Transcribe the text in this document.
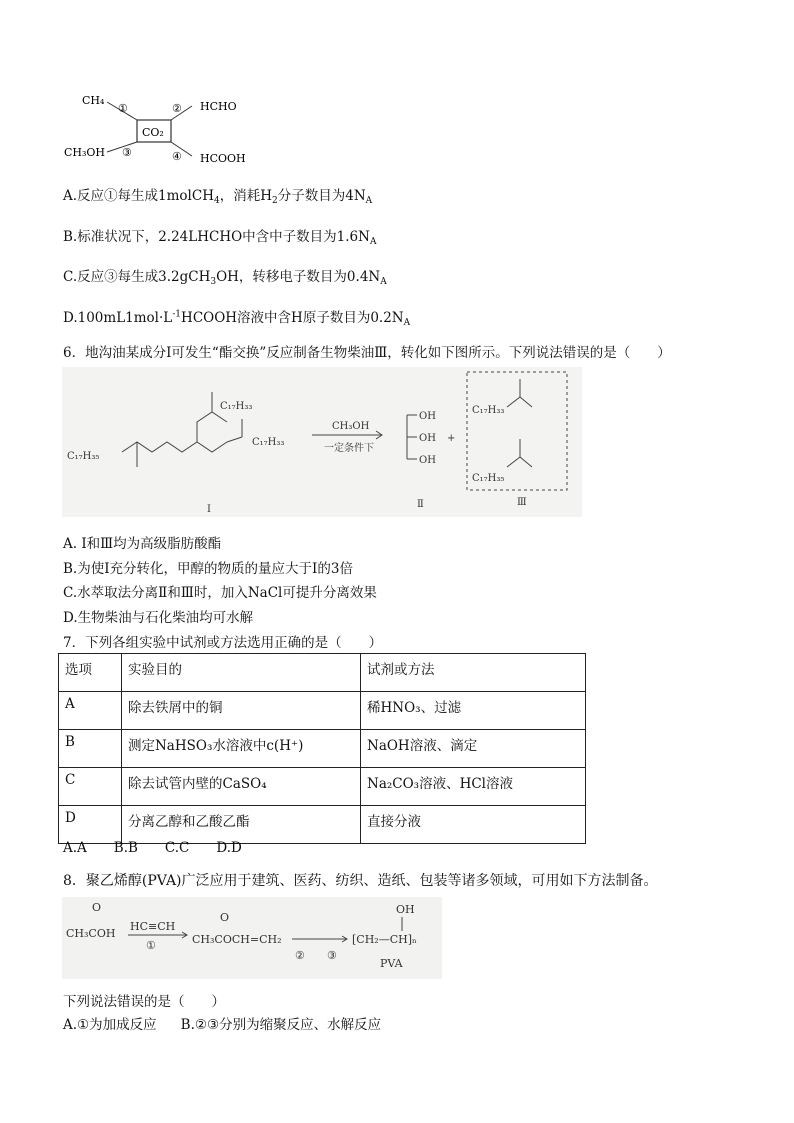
CO₂
CH₄
①	② HCHO
CH₃OH ③	④ HCOOH
A.反应①每生成1molCH$_4$，消耗$H_2$分子数目为$4N_A$
B.标准状况下，2.24LHCHO中含中子数目为$1.6N_A$
C.反应③每生成3.2gCH$_3$OH，转移电子数目为$0.4N_A$
$D.100mL1mol\cdot L^{-1}HCOOH$溶液中含H原子数目为$0.2N_A$
6．地沟油某成分Ⅰ可发生“酯交换”反应制备生物柴油Ⅲ，转化如下图所示。下列说法错误的是（　　）
C₁₇H₃₅
C₁₇H₃₃
C₁₇H₃₃
CH₃OH
一定条件下
OH
OH
OH
+
C₁₇H₃₃
C₁₇H₃₅
Ⅰ	Ⅱ	Ⅲ
A. Ⅰ和Ⅲ均为高级脂肪酸酯
B.为使Ⅰ充分转化，甲醇的物质的量应大于Ⅰ的3倍
C.水萃取法分离Ⅱ和Ⅲ时，加入NaCl可提升分离效果
D.生物柴油与石化柴油均可水解
7．下列各组实验中试剂或方法选用正确的是（　　）
选项	实验目的	试剂或方法
A	除去铁屑中的铜	稀HNO₃、过滤
B	测定NaHSO₃水溶液中c(H⁺)	NaOH溶液、滴定
C	除去试管内壁的CaSO₄	Na₂CO₃溶液、HCl溶液
D	分离乙醇和乙酸乙酯	直接分液
A.A　　B.B　　C.C　　D.D
8．聚乙烯醇(PVA)广泛应用于建筑、医药、纺织、造纸、包装等诸多领域，可用如下方法制备。
O
CH₃COH
HC≡CH
①
O
CH₃COCH=CH₂
② ③
OH
[CH₂—CH]ₙ
PVA
下列说法错误的是（　　）
A.①为加成反应 B.②③分别为缩聚反应、水解反应
